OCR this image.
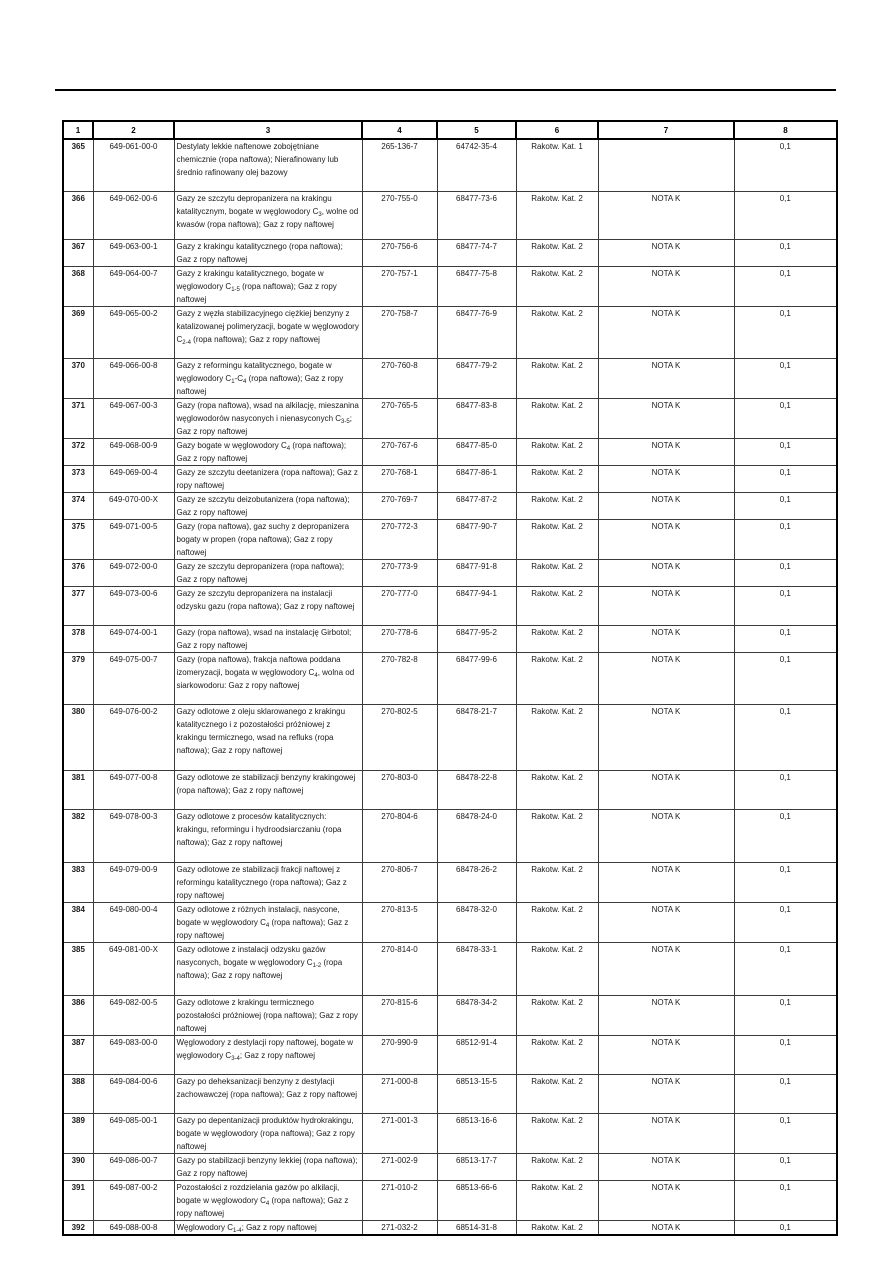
1	2	3	4	5	6	7	8
365	649-061-00-0	Destylaty lekkie naftenowe zobojętniane chemicznie (ropa naftowa); Nierafinowany lub średnio rafinowany olej bazowy	265-136-7	64742-35-4	Rakotw. Kat. 1		0,1
366	649-062-00-6	Gazy ze szczytu depropanizera na krakingu katalitycznym, bogate w węglowodory $C_3$, wolne od kwasów (ropa naftowa); Gaz z ropy naftowej	270-755-0	68477-73-6	Rakotw. Kat. 2	NOTA K	0,1
367	649-063-00-1	Gazy z krakingu katalitycznego (ropa naftowa); Gaz z ropy naftowej	270-756-6	68477-74-7	Rakotw. Kat. 2	NOTA K	0,1
368	649-064-00-7	Gazy z krakingu katalitycznego, bogate w węglowodory $C_{1-5}$ (ropa naftowa); Gaz z ropy naftowej	270-757-1	68477-75-8	Rakotw. Kat. 2	NOTA K	0,1
369	649-065-00-2	Gazy z węzła stabilizacyjnego ciężkiej benzyny z katalizowanej polimeryzacji, bogate w węglowodory $C_{2-4}$ (ropa naftowa); Gaz z ropy naftowej	270-758-7	68477-76-9	Rakotw. Kat. 2	NOTA K	0,1
370	649-066-00-8	Gazy z reformingu katalitycznego, bogate w węglowodory $C_1-C_4$ (ropa naftowa); Gaz z ropy naftowej	270-760-8	68477-79-2	Rakotw. Kat. 2	NOTA K	0,1
371	649-067-00-3	Gazy (ropa naftowa), wsad na alkilację, mieszanina węglowodorów nasyconych i nienasyconych $C_{3-5}$; Gaz z ropy naftowej	270-765-5	68477-83-8	Rakotw. Kat. 2	NOTA K	0,1
372	649-068-00-9	Gazy bogate w węglowodory $C_4$ (ropa naftowa); Gaz z ropy naftowej	270-767-6	68477-85-0	Rakotw. Kat. 2	NOTA K	0,1
373	649-069-00-4	Gazy ze szczytu deetanizera (ropa naftowa); Gaz z ropy naftowej	270-768-1	68477-86-1	Rakotw. Kat. 2	NOTA K	0,1
374	649-070-00-X	Gazy ze szczytu deizobutanizera (ropa naftowa); Gaz z ropy naftowej	270-769-7	68477-87-2	Rakotw. Kat. 2	NOTA K	0,1
375	649-071-00-5	Gazy (ropa naftowa), gaz suchy z depropanizera bogaty w propen (ropa naftowa); Gaz z ropy naftowej	270-772-3	68477-90-7	Rakotw. Kat. 2	NOTA K	0,1
376	649-072-00-0	Gazy ze szczytu depropanizera (ropa naftowa); Gaz z ropy naftowej	270-773-9	68477-91-8	Rakotw. Kat. 2	NOTA K	0,1
377	649-073-00-6	Gazy ze szczytu depropanizera na instalacji odzysku gazu (ropa naftowa); Gaz z ropy naftowej	270-777-0	68477-94-1	Rakotw. Kat. 2	NOTA K	0,1
378	649-074-00-1	Gazy (ropa naftowa), wsad na instalację Girbotol; Gaz z ropy naftowej	270-778-6	68477-95-2	Rakotw. Kat. 2	NOTA K	0,1
379	649-075-00-7	Gazy (ropa naftowa), frakcja naftowa poddana izomeryzacji, bogata w węglowodory $C_4$, wolna od siarkowodoru: Gaz z ropy naftowej	270-782-8	68477-99-6	Rakotw. Kat. 2	NOTA K	0,1
380	649-076-00-2	Gazy odlotowe z oleju sklarowanego z krakingu katalitycznego i z pozostałości próżniowej z krakingu termicznego, wsad na refluks (ropa naftowa); Gaz z ropy naftowej	270-802-5	68478-21-7	Rakotw. Kat. 2	NOTA K	0,1
381	649-077-00-8	Gazy odlotowe ze stabilizacji benzyny krakingowej (ropa naftowa); Gaz z ropy naftowej	270-803-0	68478-22-8	Rakotw. Kat. 2	NOTA K	0,1
382	649-078-00-3	Gazy odlotowe z procesów katalitycznych: krakingu, reformingu i hydroodsiarczaniu (ropa naftowa); Gaz z ropy naftowej	270-804-6	68478-24-0	Rakotw. Kat. 2	NOTA K	0,1
383	649-079-00-9	Gazy odlotowe ze stabilizacji frakcji naftowej z reformingu katalitycznego (ropa naftowa); Gaz z ropy naftowej	270-806-7	68478-26-2	Rakotw. Kat. 2	NOTA K	0,1
384	649-080-00-4	Gazy odlotowe z różnych instalacji, nasycone, bogate w węglowodory $C_4$ (ropa naftowa); Gaz z ropy naftowej	270-813-5	68478-32-0	Rakotw. Kat. 2	NOTA K	0,1
385	649-081-00-X	Gazy odlotowe z instalacji odzysku gazów nasyconych, bogate w węglowodory $C_{1-2}$ (ropa naftowa); Gaz z ropy naftowej	270-814-0	68478-33-1	Rakotw. Kat. 2	NOTA K	0,1
386	649-082-00-5	Gazy odlotowe z krakingu termicznego pozostałości próżniowej (ropa naftowa); Gaz z ropy naftowej	270-815-6	68478-34-2	Rakotw. Kat. 2	NOTA K	0,1
387	649-083-00-0	Węglowodory z destylacji ropy naftowej, bogate w węglowodory $C_{3-4}$; Gaz z ropy naftowej	270-990-9	68512-91-4	Rakotw. Kat. 2	NOTA K	0,1
388	649-084-00-6	Gazy po deheksanizacji benzyny z destylacji zachowawczej (ropa naftowa); Gaz z ropy naftowej	271-000-8	68513-15-5	Rakotw. Kat. 2	NOTA K	0,1
389	649-085-00-1	Gazy po depentanizacji produktów hydrokrakingu, bogate w węglowodory (ropa naftowa); Gaz z ropy naftowej	271-001-3	68513-16-6	Rakotw. Kat. 2	NOTA K	0,1
390	649-086-00-7	Gazy po stabilizacji benzyny lekkiej (ropa naftowa); Gaz z ropy naftowej	271-002-9	68513-17-7	Rakotw. Kat. 2	NOTA K	0,1
391	649-087-00-2	Pozostałości z rozdzielania gazów po alkilacji, bogate w węglowodory $C_4$ (ropa naftowa); Gaz z ropy naftowej	271-010-2	68513-66-6	Rakotw. Kat. 2	NOTA K	0,1
392	649-088-00-8	Węglowodory $C_{1-4}$; Gaz z ropy naftowej	271-032-2	68514-31-8	Rakotw. Kat. 2	NOTA K	0,1
